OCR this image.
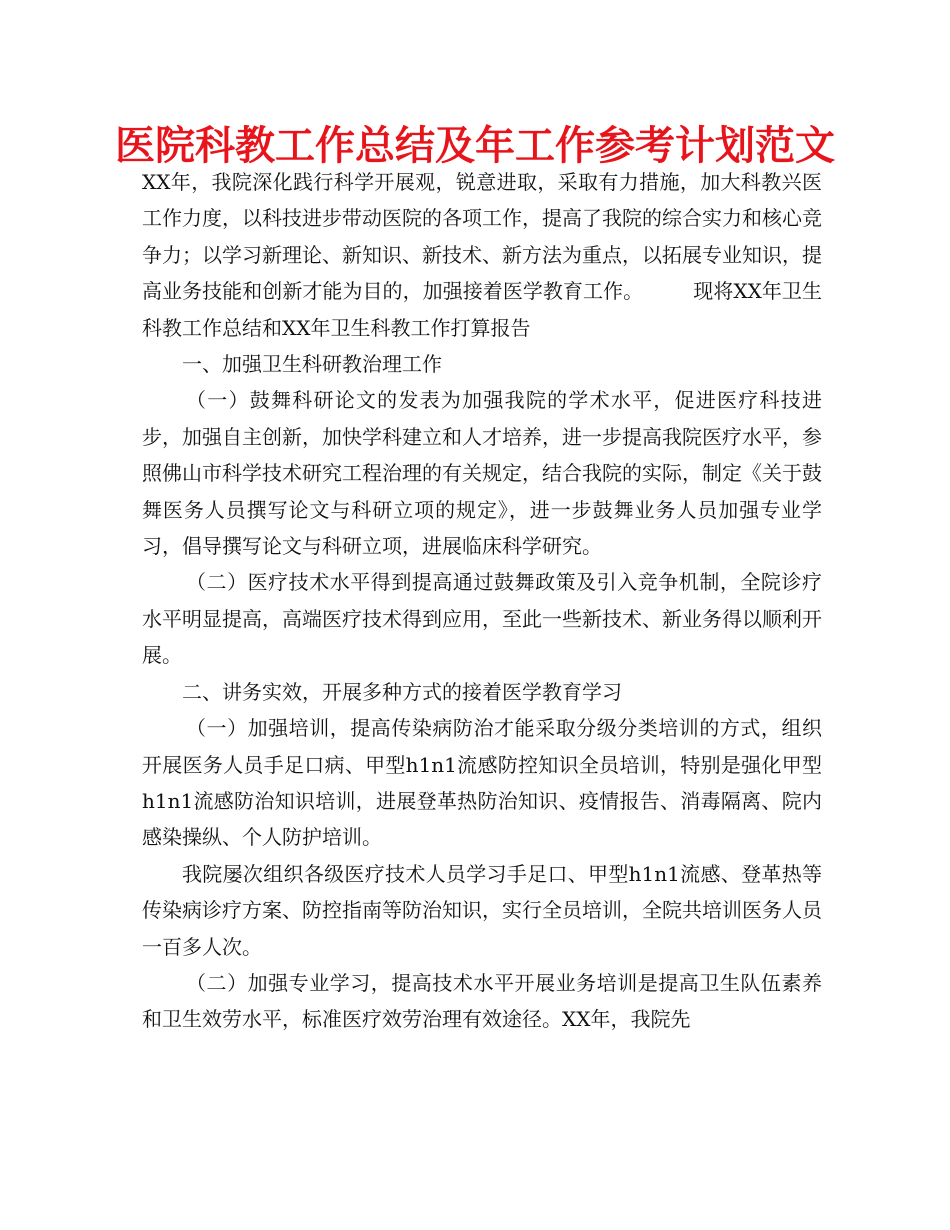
医院科教工作总结及年工作参考计划范文

XX年，我院深化践行科学开展观，锐意进取，采取有力措施，加大科教兴医工作力度，以科技进步带动医院的各项工作，提高了我院的综合实力和核心竞争力；以学习新理论、新知识、新技术、新方法为重点，以拓展专业知识，提高业务技能和创新才能为目的，加强接着医学教育工作。　　　现将XX年卫生科教工作总结和XX年卫生科教工作打算报告

一、加强卫生科研教治理工作

（一）鼓舞科研论文的发表为加强我院的学术水平，促进医疗科技进步，加强自主创新，加快学科建立和人才培养，进一步提高我院医疗水平，参照佛山市科学技术研究工程治理的有关规定，结合我院的实际，制定《关于鼓舞医务人员撰写论文与科研立项的规定》，进一步鼓舞业务人员加强专业学习，倡导撰写论文与科研立项，进展临床科学研究。

（二）医疗技术水平得到提高通过鼓舞政策及引入竞争机制，全院诊疗水平明显提高，高端医疗技术得到应用，至此一些新技术、新业务得以顺利开展。

二、讲务实效，开展多种方式的接着医学教育学习

（一）加强培训，提高传染病防治才能采取分级分类培训的方式，组织开展医务人员手足口病、甲型h1n1流感防控知识全员培训，特别是强化甲型h1n1流感防治知识培训，进展登革热防治知识、疫情报告、消毒隔离、院内感染操纵、个人防护培训。

我院屡次组织各级医疗技术人员学习手足口、甲型h1n1流感、登革热等传染病诊疗方案、防控指南等防治知识，实行全员培训，全院共培训医务人员一百多人次。

（二）加强专业学习，提高技术水平开展业务培训是提高卫生队伍素养和卫生效劳水平，标准医疗效劳治理有效途径。XX年，我院先
